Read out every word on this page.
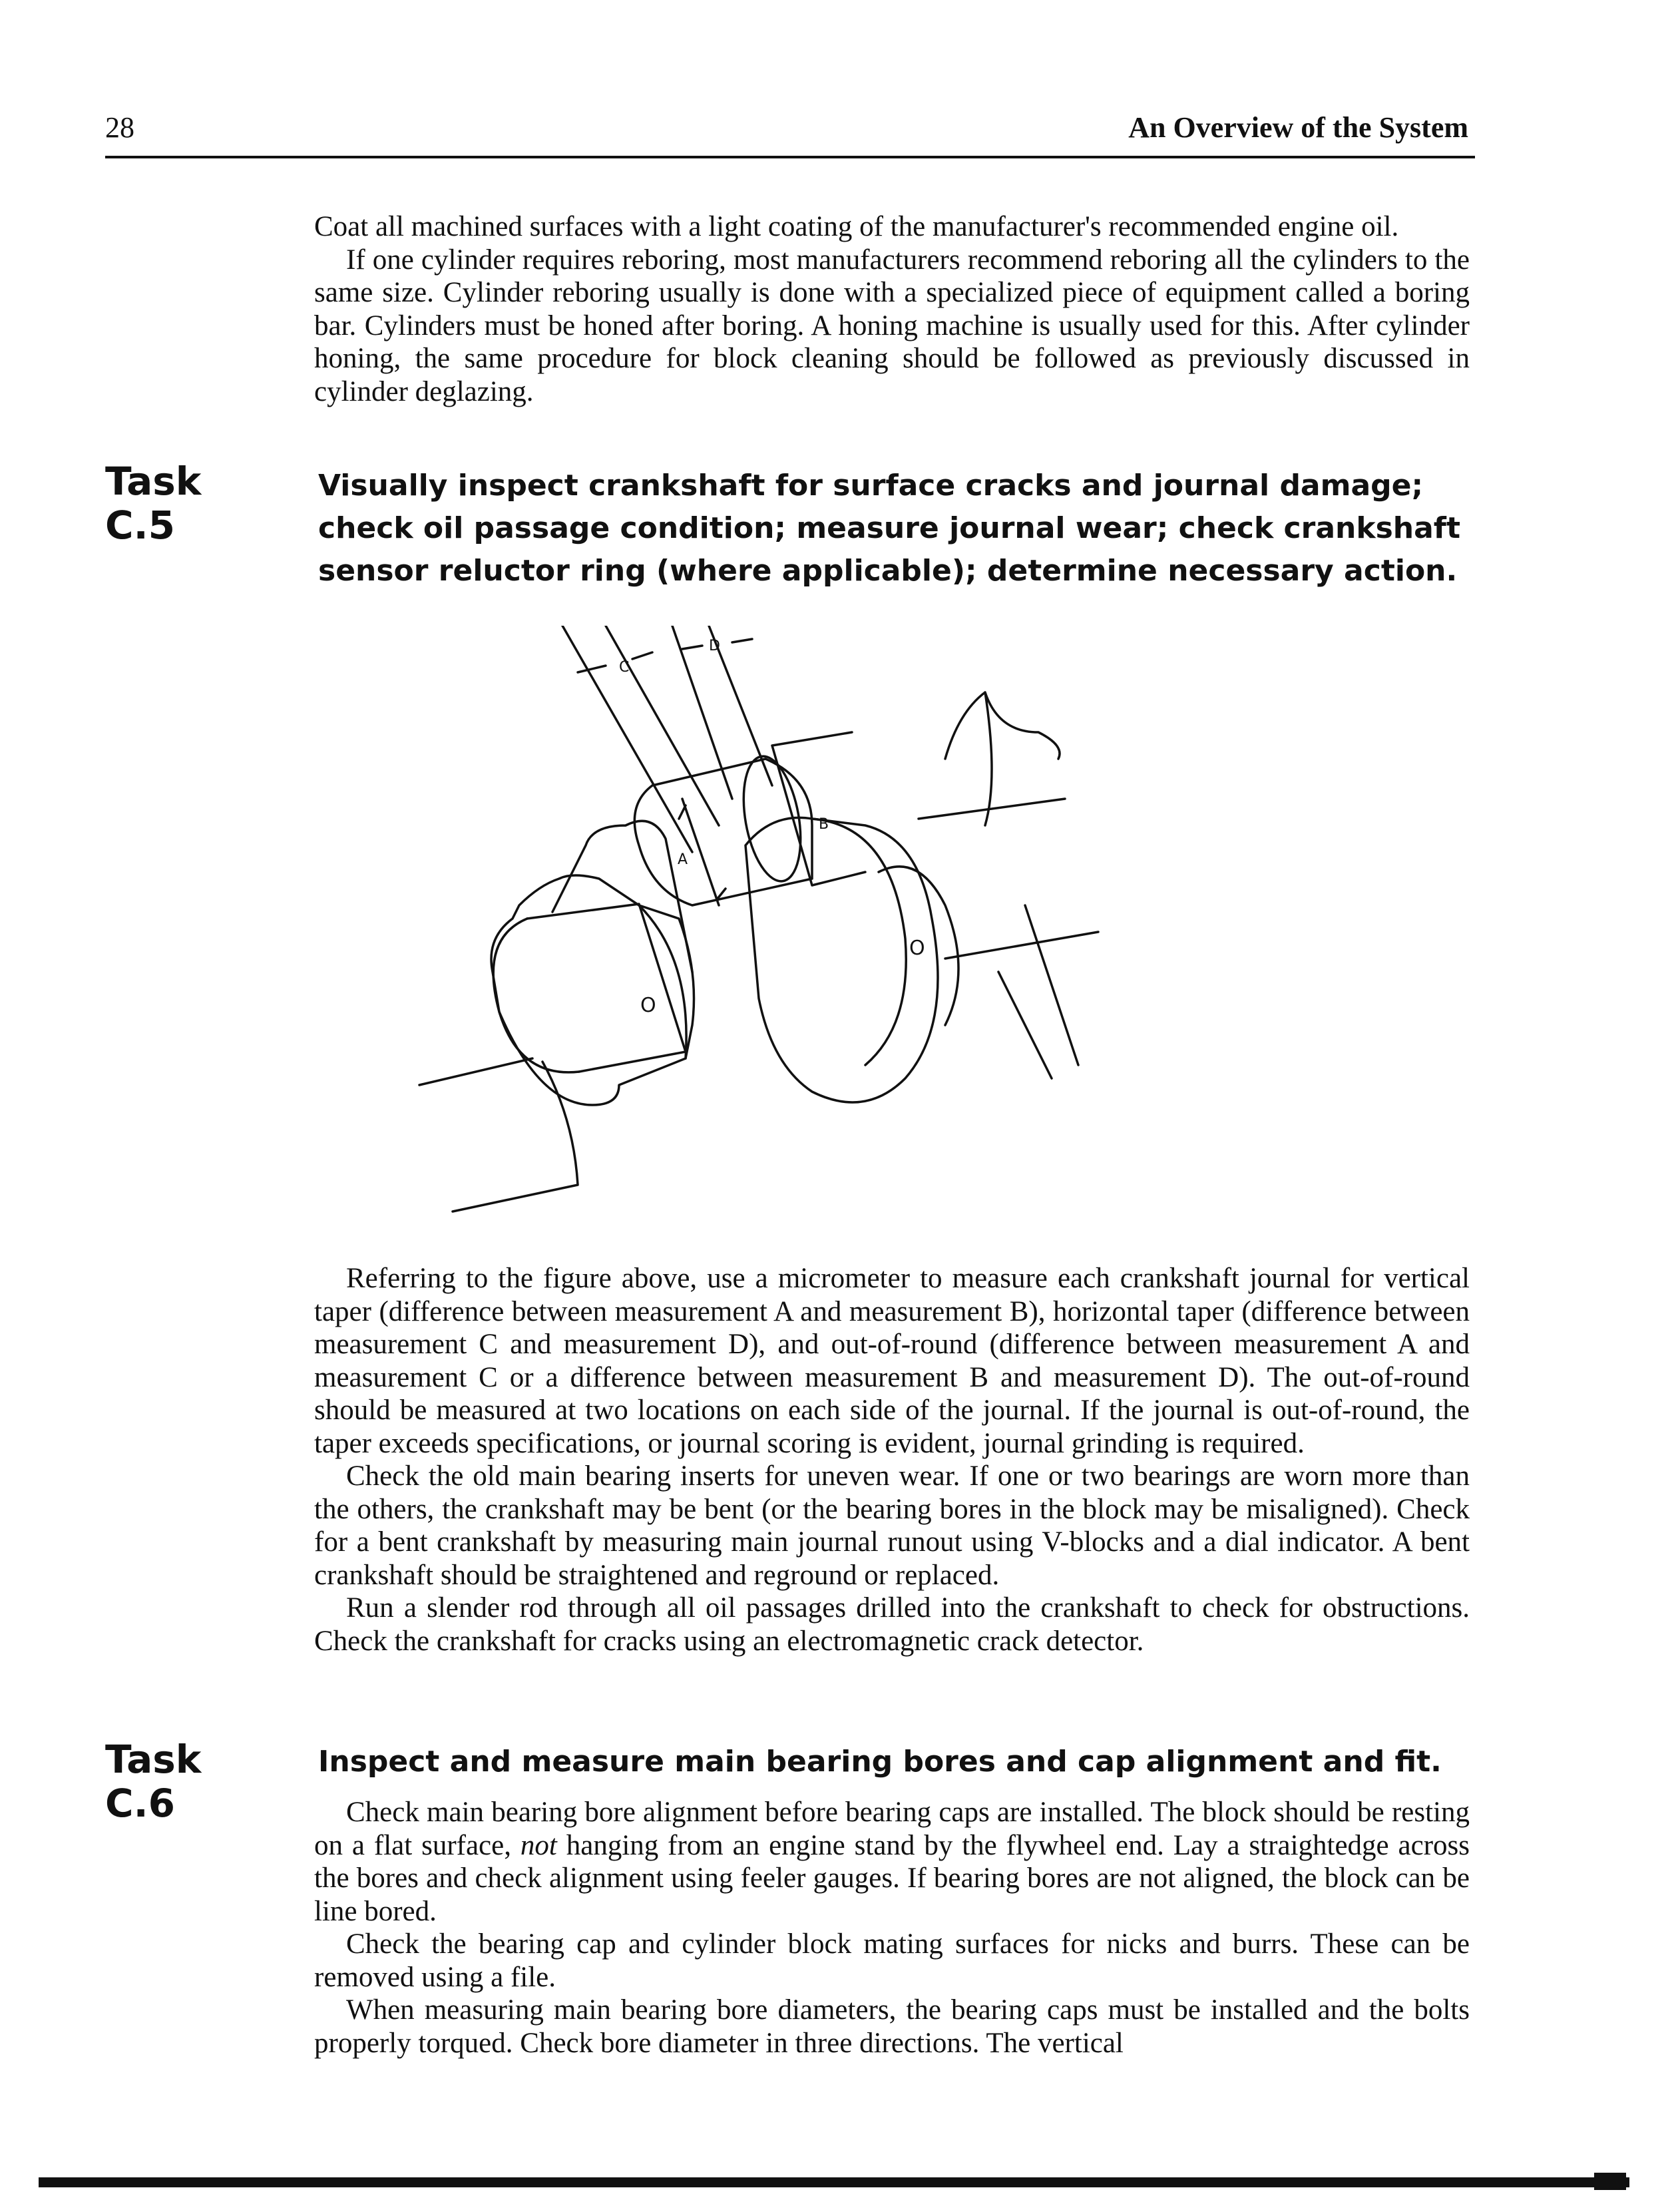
28	An Overview of the System

Coat all machined surfaces with a light coating of the manufacturer's recommended engine oil.

If one cylinder requires reboring, most manufacturers recommend reboring all the cylinders to the same size. Cylinder reboring usually is done with a specialized piece of equipment called a boring bar. Cylinders must be honed after boring. A honing machine is usually used for this. After cylinder honing, the same procedure for block cleaning should be followed as previously discussed in cylinder deglazing.

Task
C.5
Visually inspect crankshaft for surface cracks and journal damage; check oil passage condition; measure journal wear; check crankshaft sensor reluctor ring (where applicable); determine necessary action.
C
D
A
B
O
O

Referring to the figure above, use a micrometer to measure each crankshaft journal for vertical taper (difference between measurement A and measurement B), horizontal taper (difference between measurement C and measurement D), and out-of-round (difference between measurement A and measurement C or a difference between measurement B and measurement D). The out-of-round should be measured at two locations on each side of the journal. If the journal is out-of-round, the taper exceeds specifications, or journal scoring is evident, journal grinding is required.

Check the old main bearing inserts for uneven wear. If one or two bearings are worn more than the others, the crankshaft may be bent (or the bearing bores in the block may be misaligned). Check for a bent crankshaft by measuring main journal runout using V-blocks and a dial indicator. A bent crankshaft should be straightened and reground or replaced.

Run a slender rod through all oil passages drilled into the crankshaft to check for obstructions. Check the crankshaft for cracks using an electromagnetic crack detector.

Task
C.6
Inspect and measure main bearing bores and cap alignment and fit.

Check main bearing bore alignment before bearing caps are installed. The block should be resting on a flat surface, not hanging from an engine stand by the flywheel end. Lay a straightedge across the bores and check alignment using feeler gauges. If bearing bores are not aligned, the block can be line bored.

Check the bearing cap and cylinder block mating surfaces for nicks and burrs. These can be removed using a file.

When measuring main bearing bore diameters, the bearing caps must be installed and the bolts properly torqued. Check bore diameter in three directions. The vertical
